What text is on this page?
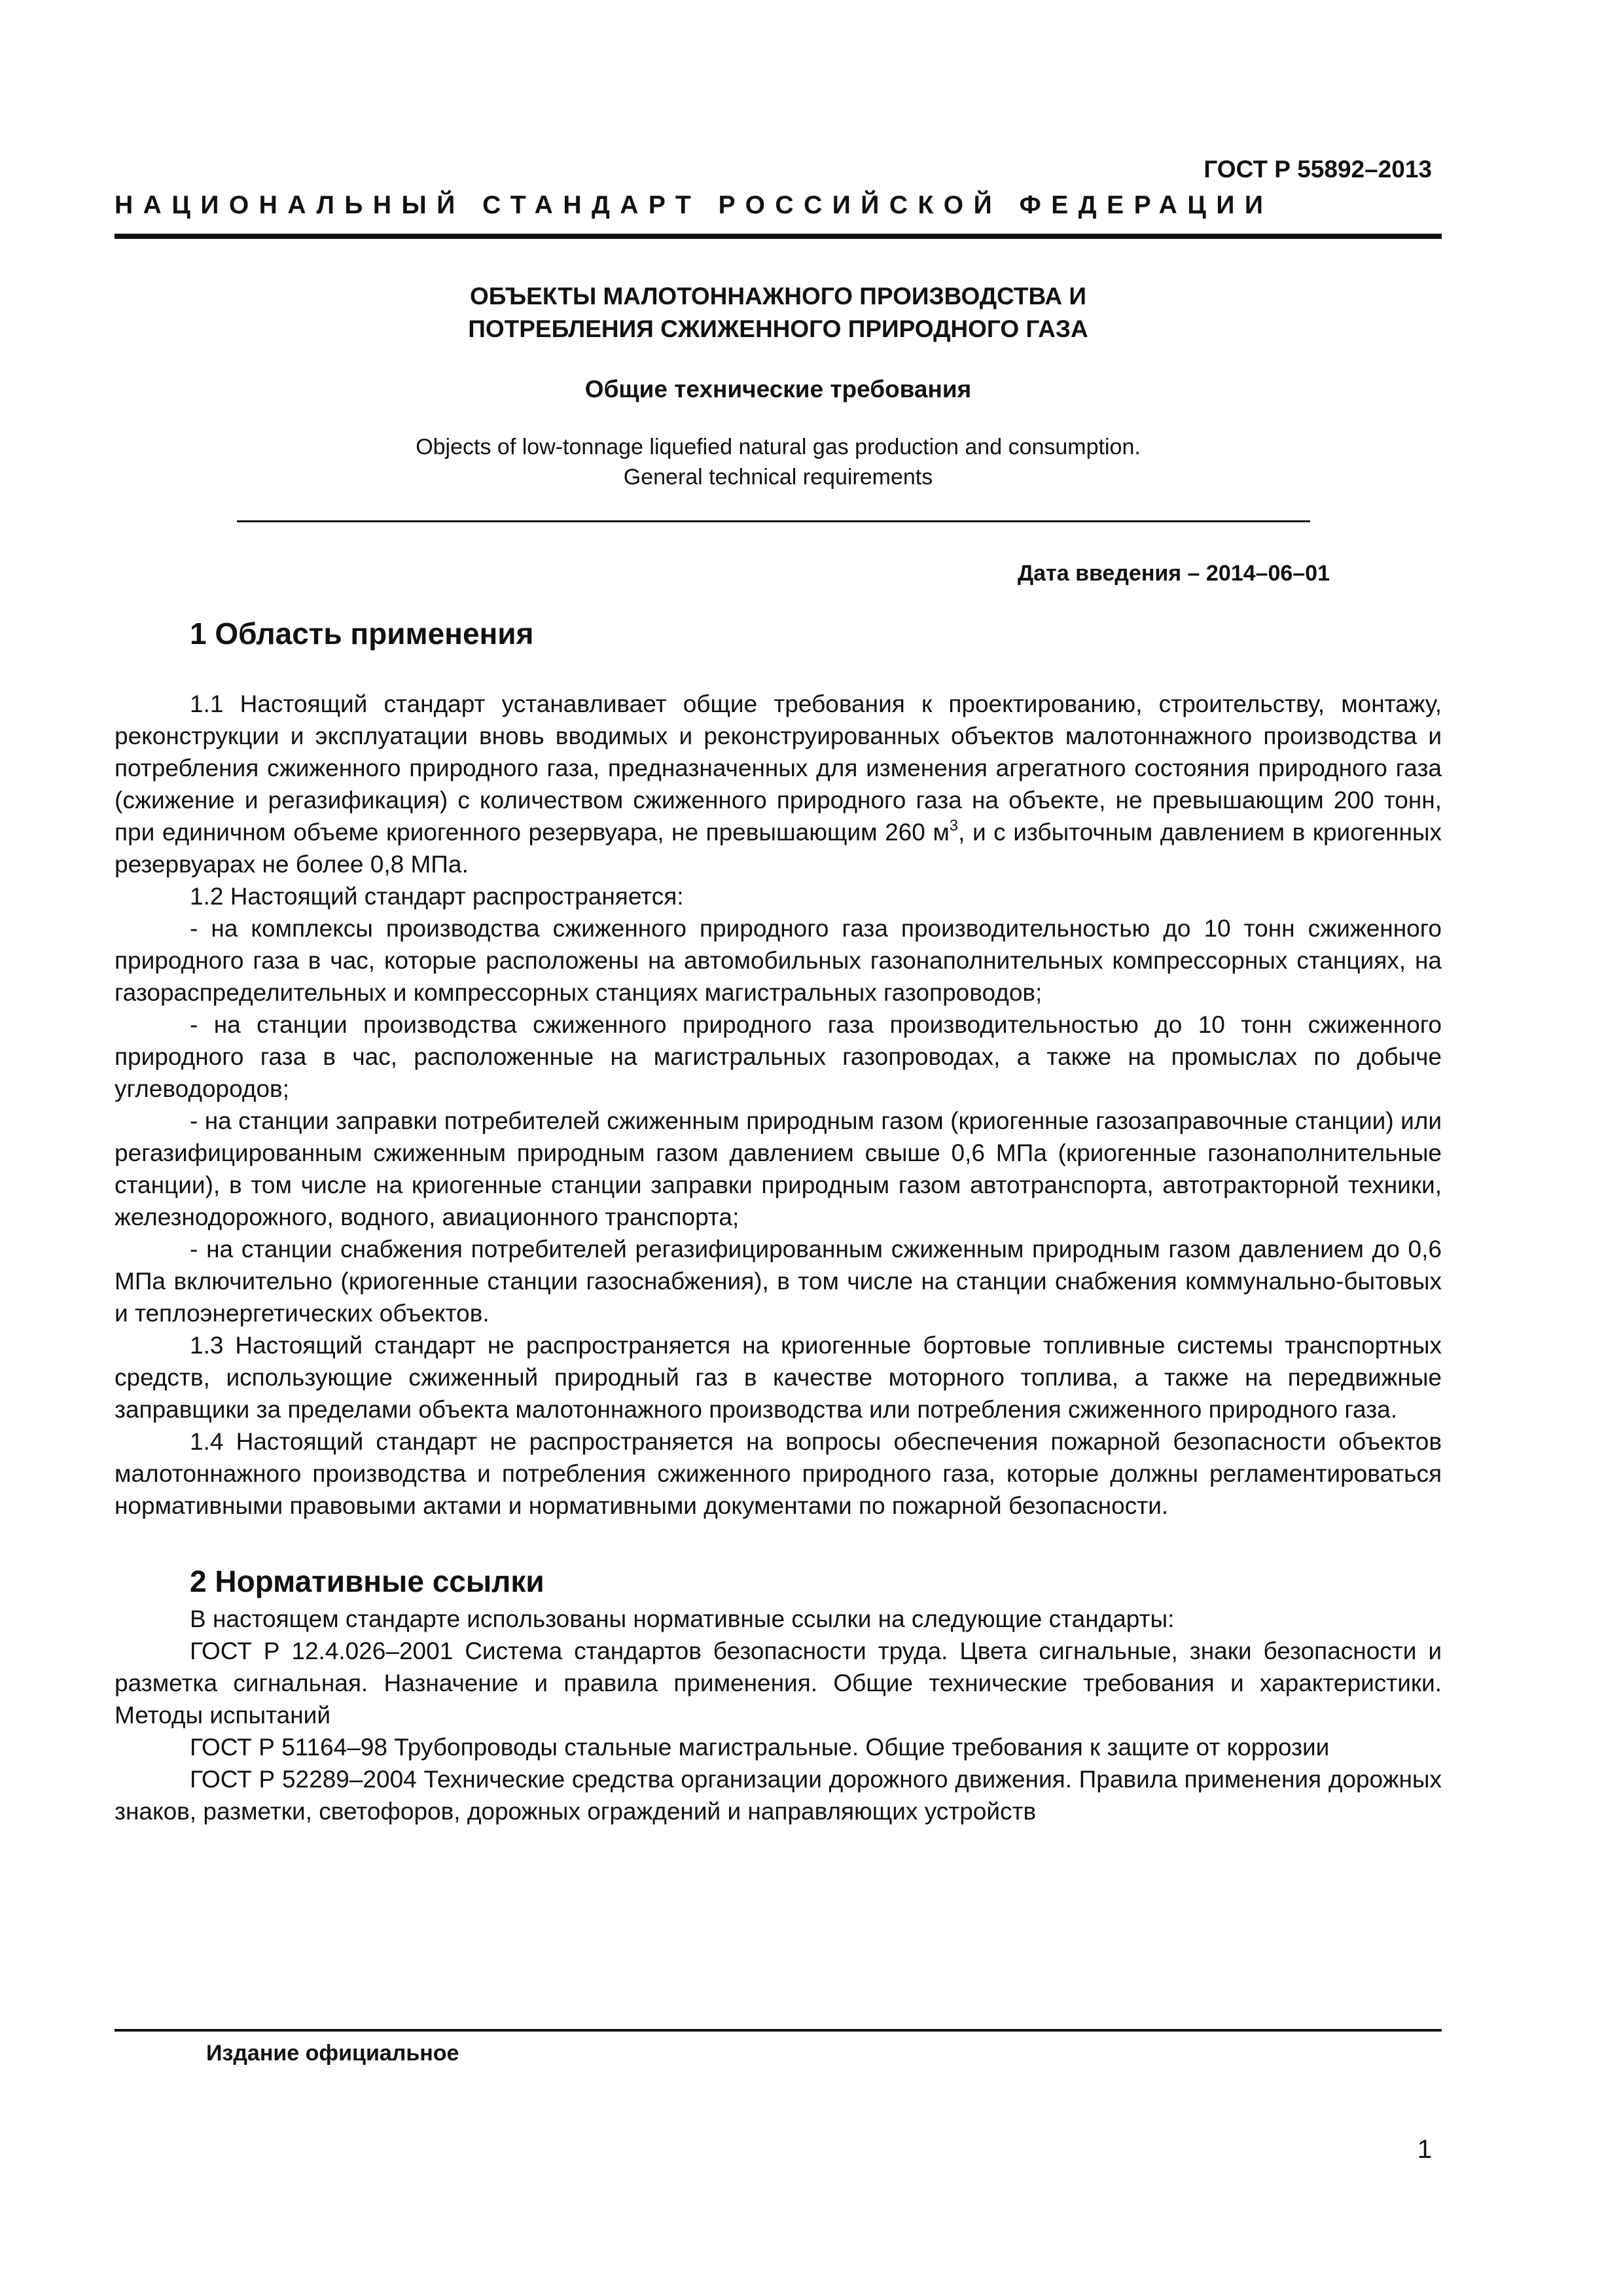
ГОСТ Р 55892–2013

НАЦИОНАЛЬНЫЙ СТАНДАРТ РОССИЙСКОЙ ФЕДЕРАЦИИ

ОБЪЕКТЫ МАЛОТОННАЖНОГО ПРОИЗВОДСТВА И
ПОТРЕБЛЕНИЯ СЖИЖЕННОГО ПРИРОДНОГО ГАЗА
Общие технические требования
Objects of low-tonnage liquefied natural gas production and consumption.
General technical requirements

Дата введения – 2014–06–01

1 Область применения

1.1 Настоящий стандарт устанавливает общие требования к проектированию, строительству, монтажу, реконструкции и эксплуатации вновь вводимых и реконструированных объектов малотоннажного производства и потребления сжиженного природного газа, предназначенных для изменения агрегатного состояния природного газа (сжижение и регазификация) с количеством сжиженного природного газа на объекте, не превышающим 200 тонн, при единичном объеме криогенного резервуара, не превышающим 260 $м^3$, и с избыточным давлением в криогенных резервуарах не более 0,8 МПа.

1.2 Настоящий стандарт распространяется:

- на комплексы производства сжиженного природного газа производительностью до 10 тонн сжиженного природного газа в час, которые расположены на автомобильных газонаполнительных компрессорных станциях, на газораспределительных и компрессорных станциях магистральных газопроводов;

- на станции производства сжиженного природного газа производительностью до 10 тонн сжиженного природного газа в час, расположенные на магистральных газопроводах, а также на промыслах по добыче углеводородов;

- на станции заправки потребителей сжиженным природным газом (криогенные газозаправочные станции) или регазифицированным сжиженным природным газом давлением свыше 0,6 МПа (криогенные газонаполнительные станции), в том числе на криогенные станции заправки природным газом автотранспорта, автотракторной техники, железнодорожного, водного, авиационного транспорта;

- на станции снабжения потребителей регазифицированным сжиженным природным газом давлением до 0,6 МПа включительно (криогенные станции газоснабжения), в том числе на станции снабжения коммунально-бытовых и теплоэнергетических объектов.

1.3 Настоящий стандарт не распространяется на криогенные бортовые топливные системы транспортных средств, использующие сжиженный природный газ в качестве моторного топлива, а также на передвижные заправщики за пределами объекта малотоннажного производства или потребления сжиженного природного газа.

1.4 Настоящий стандарт не распространяется на вопросы обеспечения пожарной безопасности объектов малотоннажного производства и потребления сжиженного природного газа, которые должны регламентироваться нормативными правовыми актами и нормативными документами по пожарной безопасности.

2 Нормативные ссылки

В настоящем стандарте использованы нормативные ссылки на следующие стандарты:

ГОСТ Р 12.4.026–2001 Система стандартов безопасности труда. Цвета сигнальные, знаки безопасности и разметка сигнальная. Назначение и правила применения. Общие технические требования и характеристики. Методы испытаний

ГОСТ Р 51164–98 Трубопроводы стальные магистральные. Общие требования к защите от коррозии

ГОСТ Р 52289–2004 Технические средства организации дорожного движения. Правила применения дорожных знаков, разметки, светофоров, дорожных ограждений и направляющих устройств

Издание официальное

1
